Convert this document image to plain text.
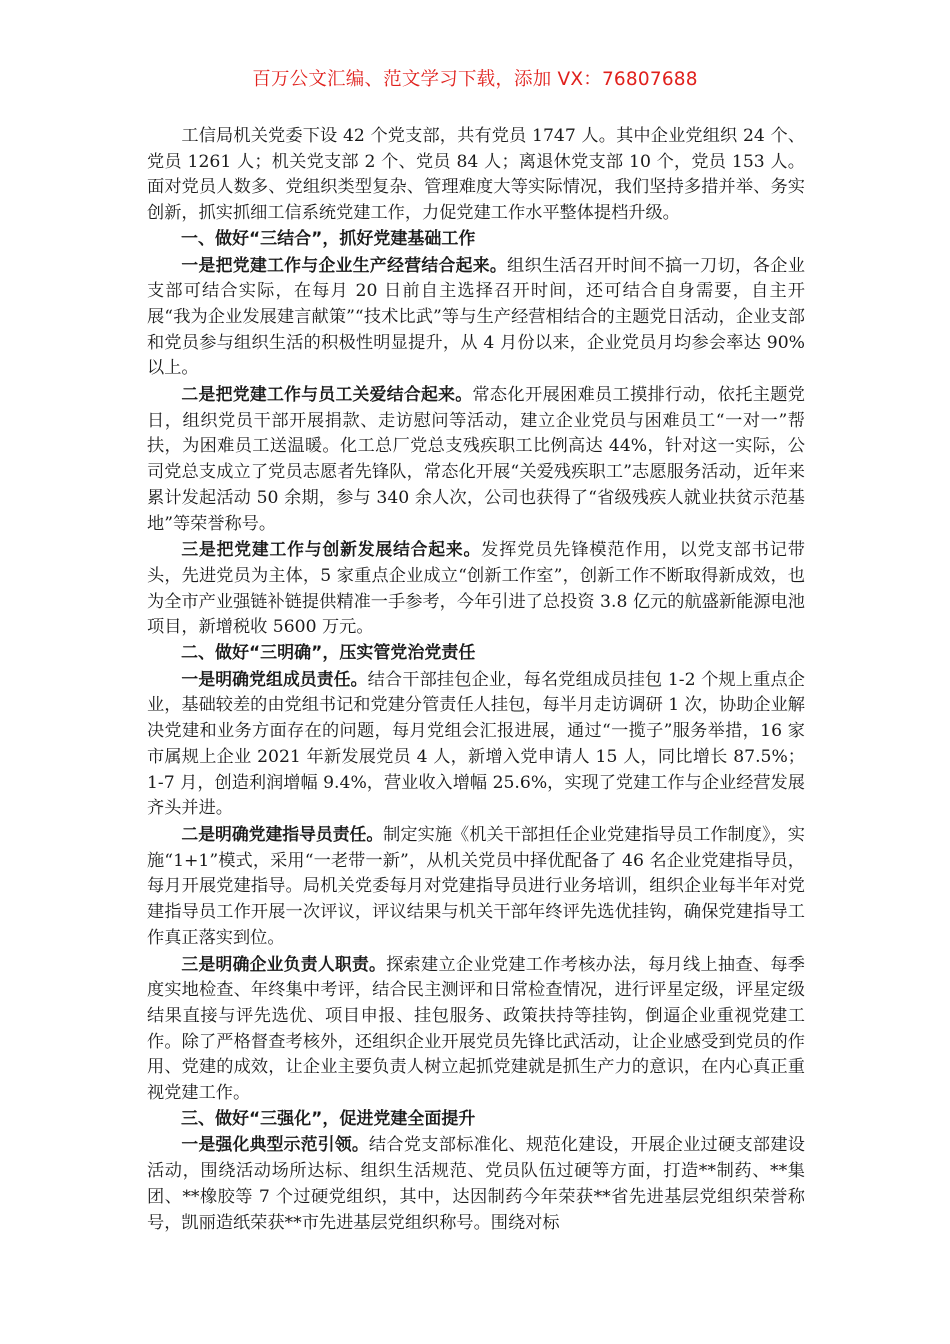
百万公文汇编、范文学习下载，添加 VX：76807688

工信局机关党委下设 42 个党支部，共有党员 1747 人。其中企业党组织 24 个、党员 1261 人；机关党支部 2 个、党员 84 人；离退休党支部 10 个，党员 153 人。面对党员人数多、党组织类型复杂、管理难度大等实际情况，我们坚持多措并举、务实创新，抓实抓细工信系统党建工作，力促党建工作水平整体提档升级。

一、做好“三结合”，抓好党建基础工作

一是把党建工作与企业生产经营结合起来。组织生活召开时间不搞一刀切，各企业支部可结合实际，在每月 20 日前自主选择召开时间，还可结合自身需要，自主开展“我为企业发展建言献策”“技术比武”等与生产经营相结合的主题党日活动，企业支部和党员参与组织生活的积极性明显提升，从 4 月份以来，企业党员月均参会率达 90%以上。

二是把党建工作与员工关爱结合起来。常态化开展困难员工摸排行动，依托主题党日，组织党员干部开展捐款、走访慰问等活动，建立企业党员与困难员工“一对一”帮扶，为困难员工送温暖。化工总厂党总支残疾职工比例高达 44%，针对这一实际，公司党总支成立了党员志愿者先锋队，常态化开展“关爱残疾职工”志愿服务活动，近年来累计发起活动 50 余期，参与 340 余人次，公司也获得了“省级残疾人就业扶贫示范基地”等荣誉称号。

三是把党建工作与创新发展结合起来。发挥党员先锋模范作用，以党支部书记带头，先进党员为主体，5 家重点企业成立“创新工作室”，创新工作不断取得新成效，也为全市产业强链补链提供精准一手参考，今年引进了总投资 3.8 亿元的航盛新能源电池项目，新增税收 5600 万元。

二、做好“三明确”，压实管党治党责任

一是明确党组成员责任。结合干部挂包企业，每名党组成员挂包 1-2 个规上重点企业，基础较差的由党组书记和党建分管责任人挂包，每半月走访调研 1 次，协助企业解决党建和业务方面存在的问题，每月党组会汇报进展，通过“一揽子”服务举措，16 家市属规上企业 2021 年新发展党员 4 人，新增入党申请人 15 人，同比增长 87.5%；1-7 月，创造利润增幅 9.4%，营业收入增幅 25.6%，实现了党建工作与企业经营发展齐头并进。

二是明确党建指导员责任。制定实施《机关干部担任企业党建指导员工作制度》，实施“1+1”模式，采用“一老带一新”，从机关党员中择优配备了 46 名企业党建指导员，每月开展党建指导。局机关党委每月对党建指导员进行业务培训，组织企业每半年对党建指导员工作开展一次评议，评议结果与机关干部年终评先选优挂钩，确保党建指导工作真正落实到位。

三是明确企业负责人职责。探索建立企业党建工作考核办法，每月线上抽查、每季度实地检查、年终集中考评，结合民主测评和日常检查情况，进行评星定级，评星定级结果直接与评先选优、项目申报、挂包服务、政策扶持等挂钩，倒逼企业重视党建工作。除了严格督查考核外，还组织企业开展党员先锋比武活动，让企业感受到党员的作用、党建的成效，让企业主要负责人树立起抓党建就是抓生产力的意识，在内心真正重视党建工作。

三、做好“三强化”，促进党建全面提升

一是强化典型示范引领。结合党支部标准化、规范化建设，开展企业过硬支部建设活动，围绕活动场所达标、组织生活规范、党员队伍过硬等方面，打造**制药、**集团、**橡胶等 7 个过硬党组织，其中，达因制药今年荣获**省先进基层党组织荣誉称号，凯丽造纸荣获**市先进基层党组织称号。围绕对标
